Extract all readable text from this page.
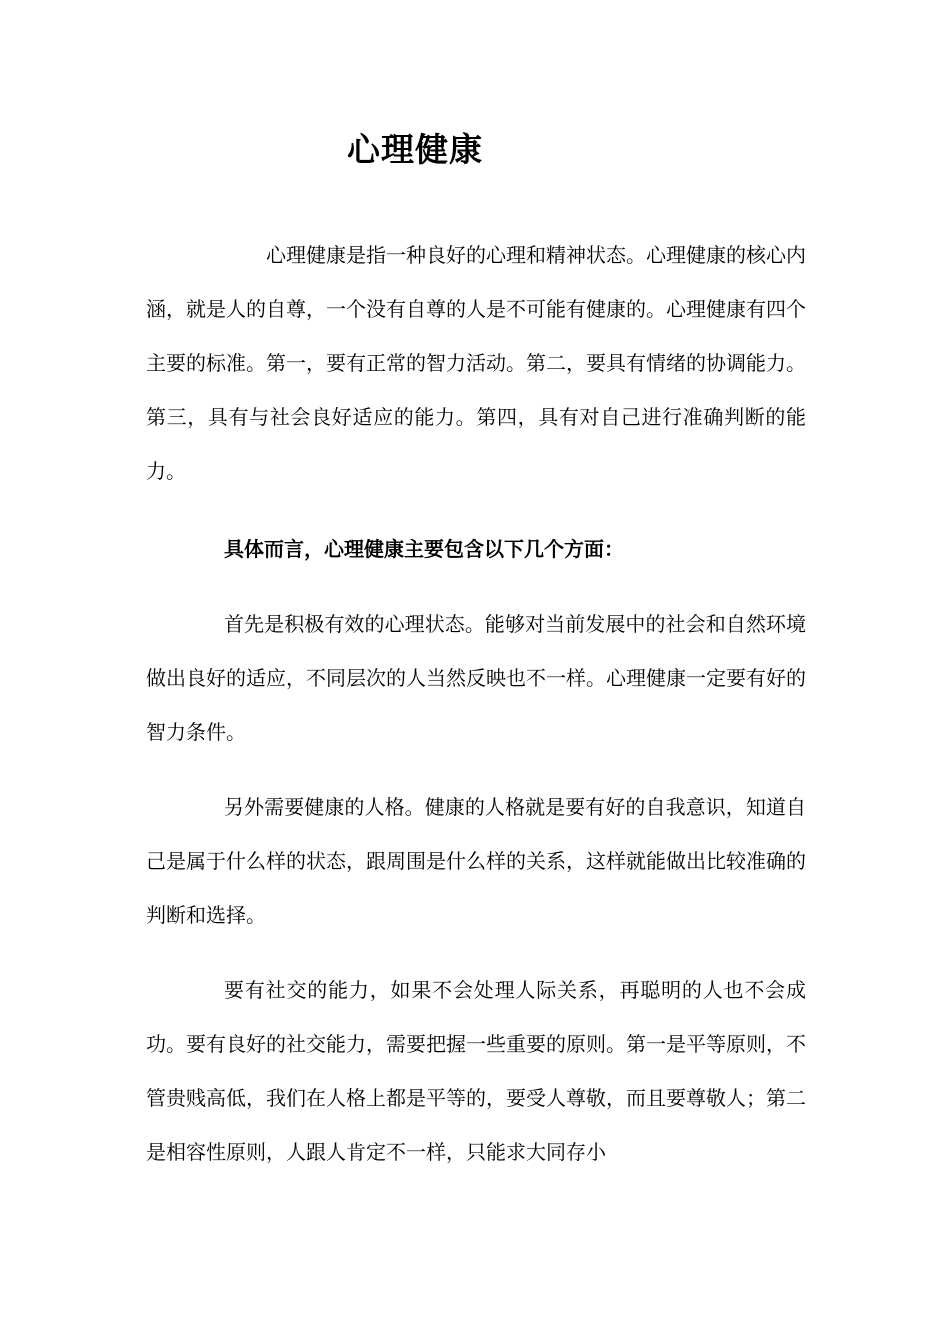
心理健康

心理健康是指一种良好的心理和精神状态。心理健康的核心内涵，就是人的自尊，一个没有自尊的人是不可能有健康的。心理健康有四个主要的标准。第一，要有正常的智力活动。第二，要具有情绪的协调能力。第三，具有与社会良好适应的能力。第四，具有对自己进行准确判断的能力。

具体而言，心理健康主要包含以下几个方面：

首先是积极有效的心理状态。能够对当前发展中的社会和自然环境做出良好的适应，不同层次的人当然反映也不一样。心理健康一定要有好的智力条件。

另外需要健康的人格。健康的人格就是要有好的自我意识，知道自己是属于什么样的状态，跟周围是什么样的关系，这样就能做出比较准确的判断和选择。

要有社交的能力，如果不会处理人际关系，再聪明的人也不会成功。要有良好的社交能力，需要把握一些重要的原则。第一是平等原则，不管贵贱高低，我们在人格上都是平等的，要受人尊敬，而且要尊敬人；第二是相容性原则，人跟人肯定不一样，只能求大同存小
